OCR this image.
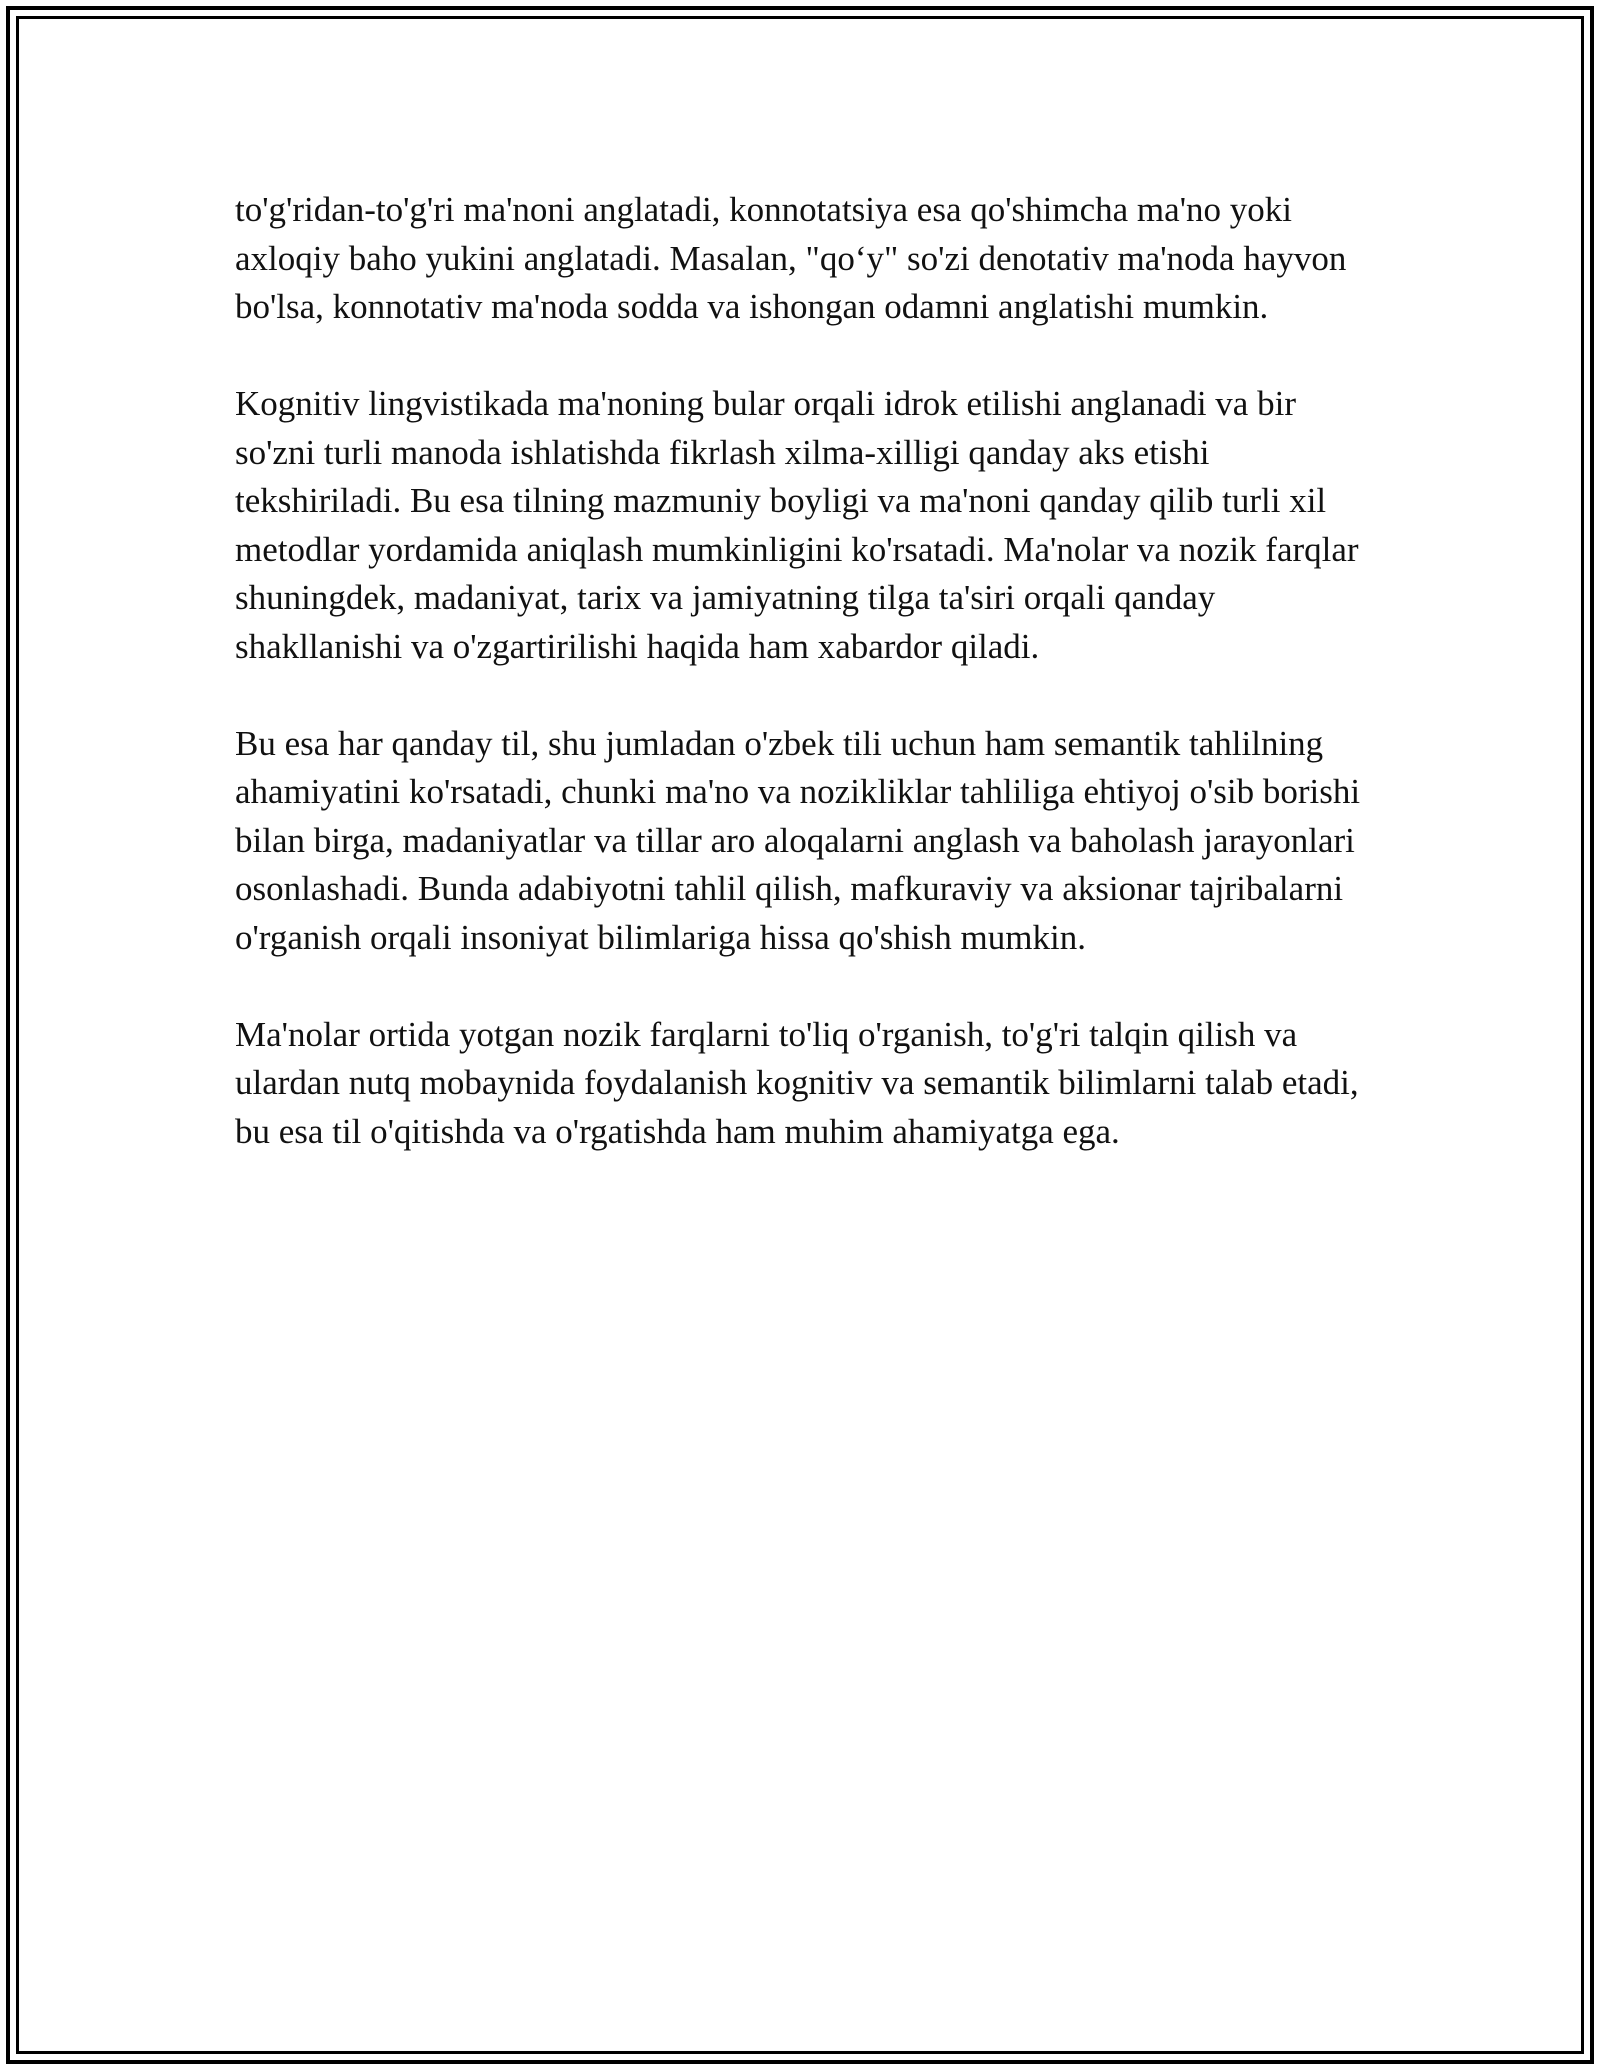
to'g'ridan-to'g'ri ma'noni anglatadi, konnotatsiya esa qo'shimcha ma'no yoki axloqiy baho yukini anglatadi. Masalan, "qo‘y" so'zi denotativ ma'noda hayvon bo'lsa, konnotativ ma'noda sodda va ishongan odamni anglatishi mumkin.

Kognitiv lingvistikada ma'noning bular orqali idrok etilishi anglanadi va bir so'zni turli manoda ishlatishda fikrlash xilma-xilligi qanday aks etishi tekshiriladi. Bu esa tilning mazmuniy boyligi va ma'noni qanday qilib turli xil metodlar yordamida aniqlash mumkinligini ko'rsatadi. Ma'nolar va nozik farqlar shuningdek, madaniyat, tarix va jamiyatning tilga ta'siri orqali qanday shakllanishi va o'zgartirilishi haqida ham xabardor qiladi.

Bu esa har qanday til, shu jumladan o'zbek tili uchun ham semantik tahlilning ahamiyatini ko'rsatadi, chunki ma'no va nozikliklar tahliliga ehtiyoj o'sib borishi bilan birga, madaniyatlar va tillar aro aloqalarni anglash va baholash jarayonlari osonlashadi. Bunda adabiyotni tahlil qilish, mafkuraviy va aksionar tajribalarni o'rganish orqali insoniyat bilimlariga hissa qo'shish mumkin.

Ma'nolar ortida yotgan nozik farqlarni to'liq o'rganish, to'g'ri talqin qilish va ulardan nutq mobaynida foydalanish kognitiv va semantik bilimlarni talab etadi, bu esa til o'qitishda va o'rgatishda ham muhim ahamiyatga ega.
